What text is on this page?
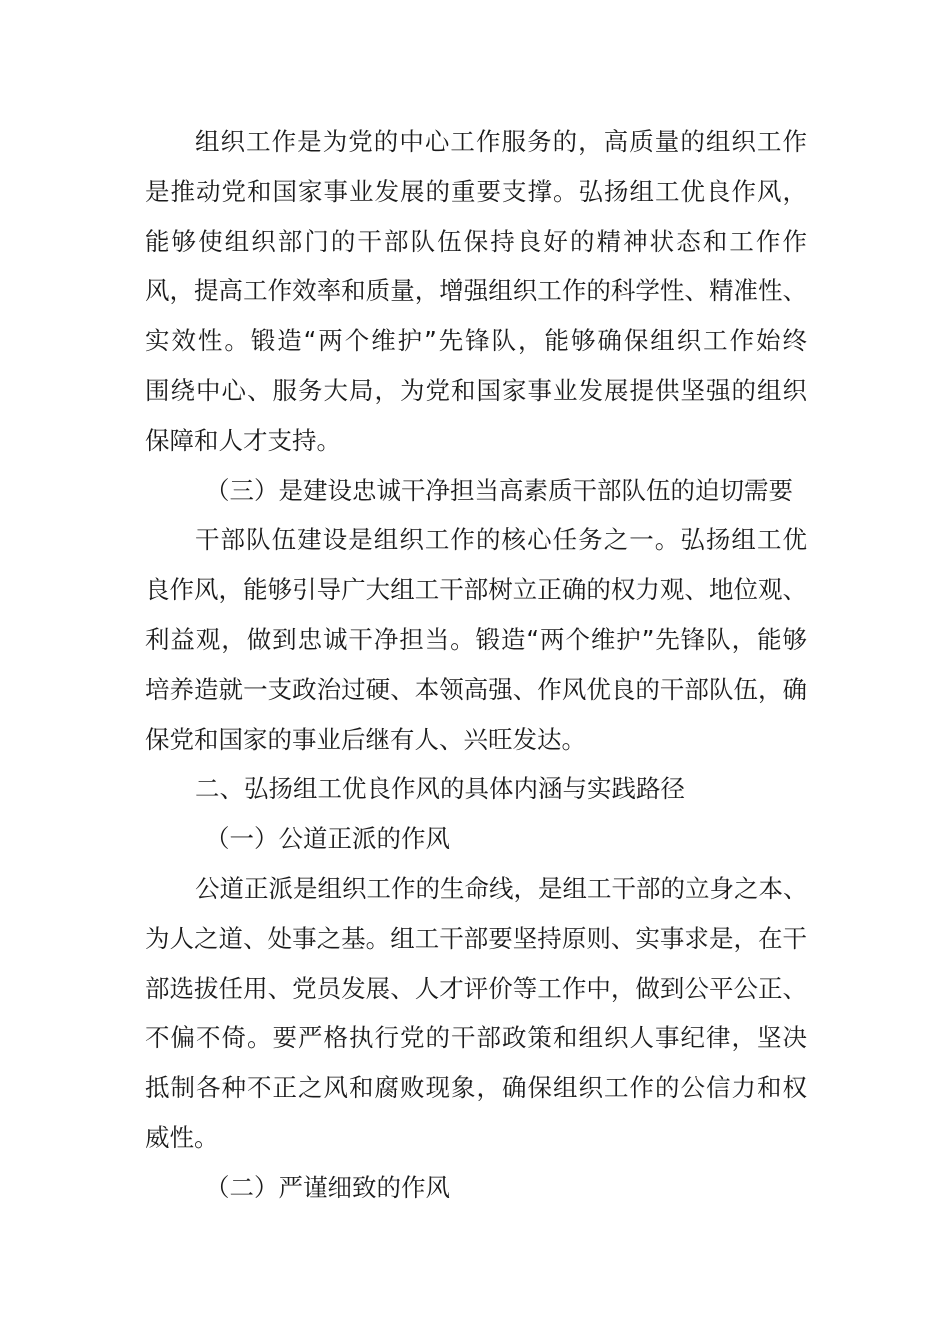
组织工作是为党的中心工作服务的，高质量的组织工作
是推动党和国家事业发展的重要支撑。弘扬组工优良作风，
能够使组织部门的干部队伍保持良好的精神状态和工作作
风，提高工作效率和质量，增强组织工作的科学性、精准性、
实效性。锻造“两个维护”先锋队，能够确保组织工作始终
围绕中心、服务大局，为党和国家事业发展提供坚强的组织
保障和人才支持。
（三）是建设忠诚干净担当高素质干部队伍的迫切需要
干部队伍建设是组织工作的核心任务之一。弘扬组工优
良作风，能够引导广大组工干部树立正确的权力观、地位观、
利益观，做到忠诚干净担当。锻造“两个维护”先锋队，能够
培养造就一支政治过硬、本领高强、作风优良的干部队伍，确
保党和国家的事业后继有人、兴旺发达。
二、弘扬组工优良作风的具体内涵与实践路径
（一）公道正派的作风
公道正派是组织工作的生命线，是组工干部的立身之本、
为人之道、处事之基。组工干部要坚持原则、实事求是，在干
部选拔任用、党员发展、人才评价等工作中，做到公平公正、
不偏不倚。要严格执行党的干部政策和组织人事纪律，坚决
抵制各种不正之风和腐败现象，确保组织工作的公信力和权
威性。
（二）严谨细致的作风
